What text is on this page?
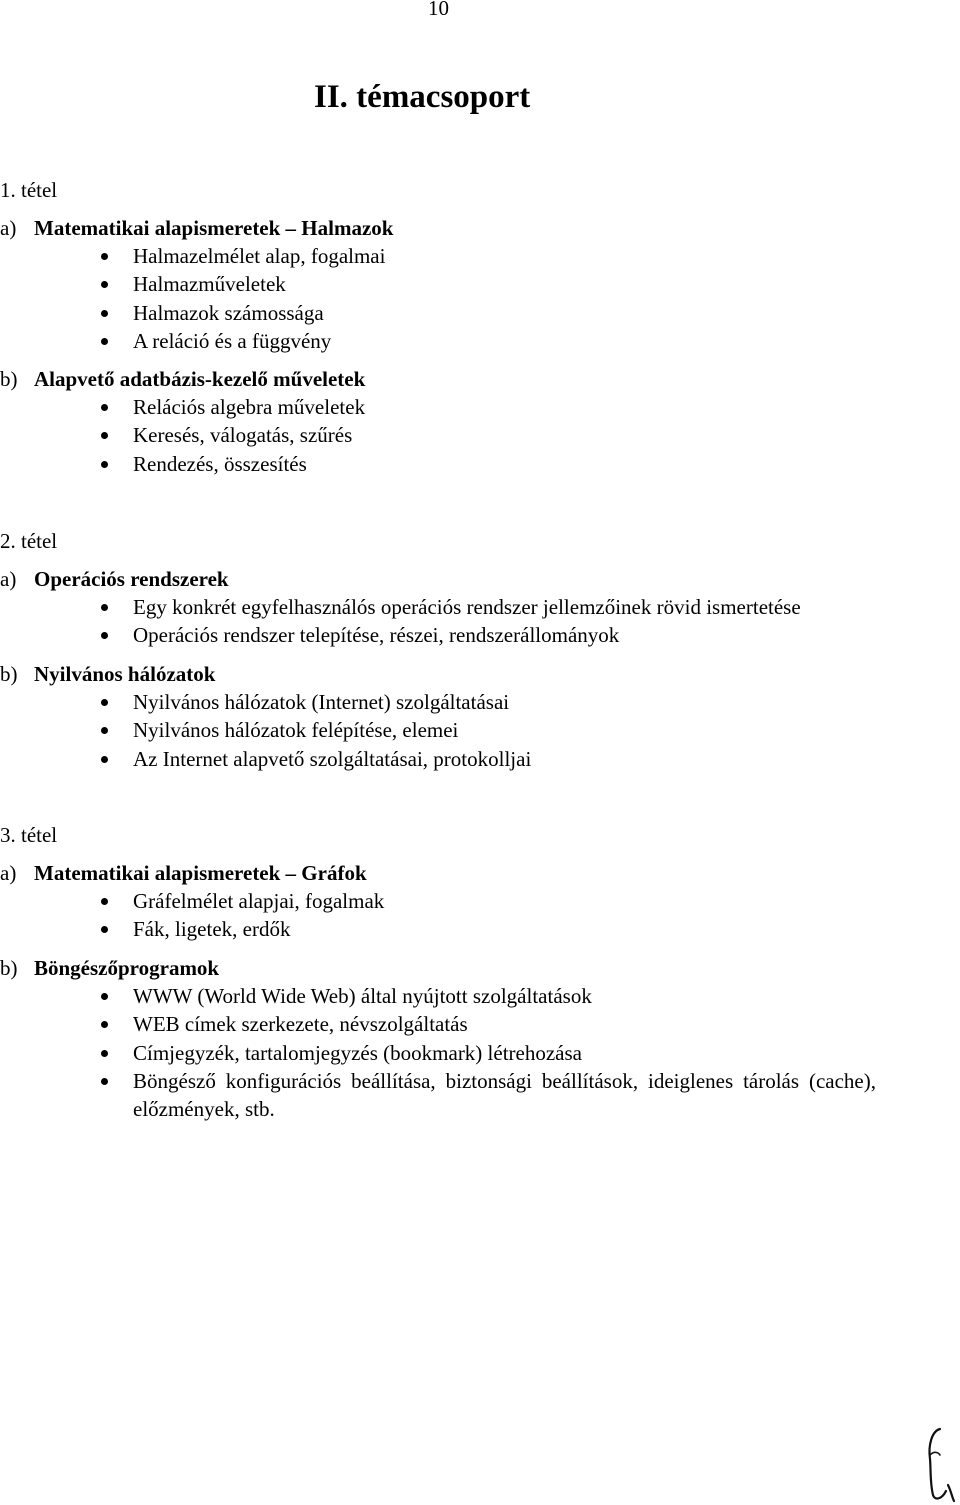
10
II. témacsoport
1. tétel
a) Matematikai alapismeretek – Halmazok
Halmazelmélet alap, fogalmai
Halmazműveletek
Halmazok számossága
A reláció és a függvény
b) Alapvető adatbázis-kezelő műveletek
Relációs algebra műveletek
Keresés, válogatás, szűrés
Rendezés, összesítés
2. tétel
a) Operációs rendszerek
Egy konkrét egyfelhasználós operációs rendszer jellemzőinek rövid ismertetése
Operációs rendszer telepítése, részei, rendszerállományok
b) Nyilvános hálózatok
Nyilvános hálózatok (Internet) szolgáltatásai
Nyilvános hálózatok felépítése, elemei
Az Internet alapvető szolgáltatásai, protokolljai
3. tétel
a) Matematikai alapismeretek – Gráfok
Gráfelmélet alapjai, fogalmak
Fák, ligetek, erdők
b) Böngészőprogramok
WWW (World Wide Web) által nyújtott szolgáltatások
WEB címek szerkezete, névszolgáltatás
Címjegyzék, tartalomjegyzés (bookmark) létrehozása
Böngésző konfigurációs beállítása, biztonsági beállítások, ideiglenes tárolás (cache), előzmények, stb.
